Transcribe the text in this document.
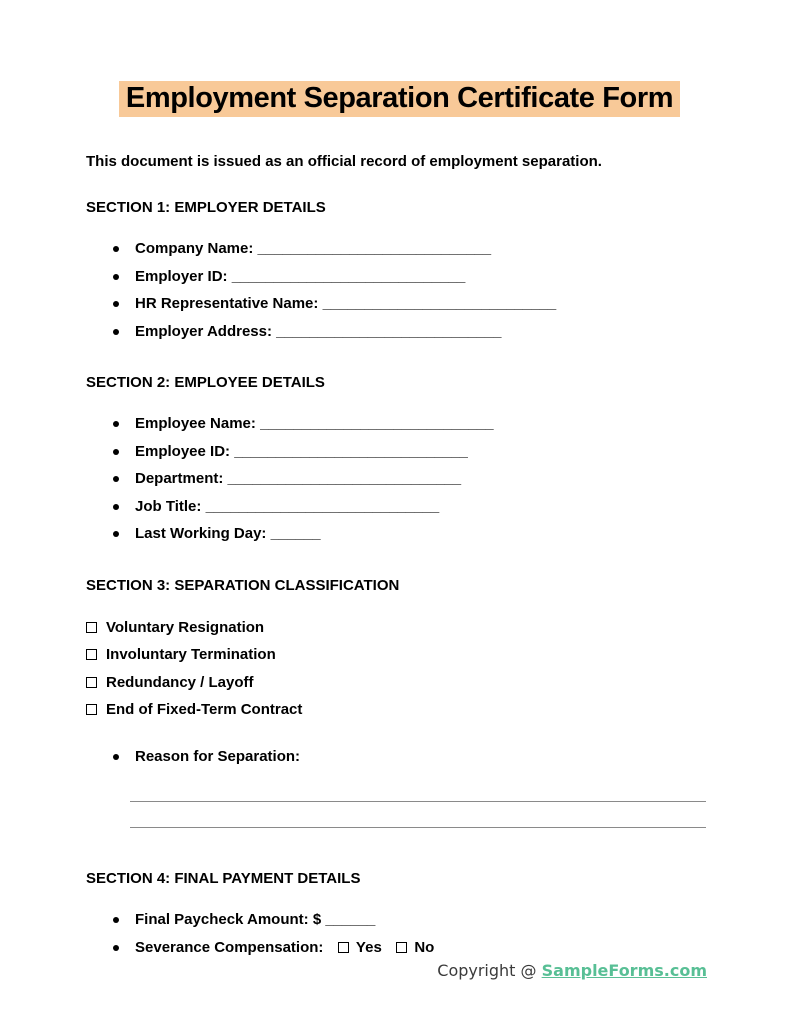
Employment Separation Certificate Form

This document is issued as an official record of employment separation.

SECTION 1: EMPLOYER DETAILS
Company Name: ____________________________
Employer ID: ____________________________
HR Representative Name: ____________________________
Employer Address: ___________________________
SECTION 2: EMPLOYEE DETAILS
Employee Name: ____________________________
Employee ID: ____________________________
Department: ____________________________
Job Title: ____________________________
Last Working Day: ______
SECTION 3: SEPARATION CLASSIFICATION
Voluntary Resignation
Involuntary Termination
Redundancy / Layoff
End of Fixed-Term Contract
Reason for Separation:
SECTION 4: FINAL PAYMENT DETAILS
Final Paycheck Amount: $ ______
Severance Compensation: Yes No
Copyright @ SampleForms.com
